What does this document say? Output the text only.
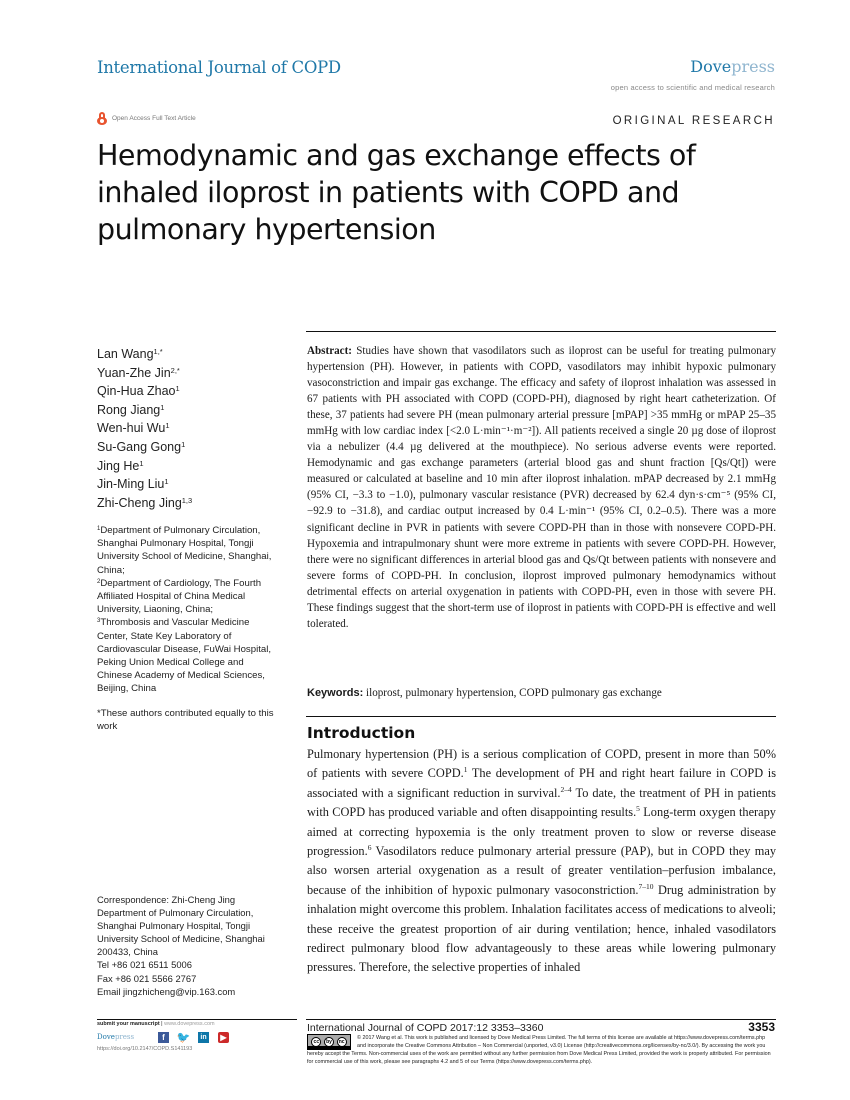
International Journal of COPD	Dovepress
open access to scientific and medical research
Open Access Full Text Article	ORIGINAL RESEARCH
Hemodynamic and gas exchange effects of inhaled iloprost in patients with COPD and pulmonary hypertension
Lan Wang$^{1,*}$
Yuan-Zhe Jin$^{2,*}$
Qin-Hua Zhao$^1$
Rong Jiang$^1$
Wen-hui Wu$^1$
Su-Gang Gong$^1$
Jing He$^1$
Jin-Ming Liu$^1$
Zhi-Cheng Jing$^{1,3}$
$^1$Department of Pulmonary Circulation, Shanghai Pulmonary Hospital, Tongji University School of Medicine, Shanghai, China;
$^2$Department of Cardiology, The Fourth Affiliated Hospital of China Medical University, Liaoning, China;
$^3$Thrombosis and Vascular Medicine Center, State Key Laboratory of Cardiovascular Disease, FuWai Hospital, Peking Union Medical College and Chinese Academy of Medical Sciences, Beijing, China
*These authors contributed equally to this work
Correspondence: Zhi-Cheng Jing
Department of Pulmonary Circulation,
Shanghai Pulmonary Hospital, Tongji
University School of Medicine, Shanghai
200433, China
Tel +86 021 6511 5006
Fax +86 021 5566 2767
Email jingzhicheng@vip.163.com
Abstract: Studies have shown that vasodilators such as iloprost can be useful for treating pulmonary hypertension (PH). However, in patients with COPD, vasodilators may inhibit hypoxic pulmonary vasoconstriction and impair gas exchange. The efficacy and safety of iloprost inhalation was assessed in 67 patients with PH associated with COPD (COPD-PH), diagnosed by right heart catheterization. Of these, 37 patients had severe PH (mean pulmonary arterial pressure [mPAP] >35 mmHg or mPAP 25–35 mmHg with low cardiac index [<2.0 L·min⁻¹·m⁻²]). All patients received a single 20 µg dose of iloprost via a nebulizer (4.4 µg delivered at the mouthpiece). No serious adverse events were reported. Hemodynamic and gas exchange parameters (arterial blood gas and shunt fraction [Qs/Qt]) were measured or calculated at baseline and 10 min after iloprost inhalation. mPAP decreased by 2.1 mmHg (95% CI, −3.3 to −1.0), pulmonary vascular resistance (PVR) decreased by 62.4 dyn·s·cm⁻⁵ (95% CI, −92.9 to −31.8), and cardiac output increased by 0.4 L·min⁻¹ (95% CI, 0.2–0.5). There was a more significant decline in PVR in patients with severe COPD-PH than in those with nonsevere COPD-PH. Hypoxemia and intrapulmonary shunt were more extreme in patients with severe COPD-PH. However, there were no significant differences in arterial blood gas and Qs/Qt between patients with nonsevere and severe forms of COPD-PH. In conclusion, iloprost improved pulmonary hemodynamics without detrimental effects on arterial oxygenation in patients with COPD-PH, even in those with severe PH. These findings suggest that the short-term use of iloprost in patients with COPD-PH is effective and well tolerated.
Keywords: iloprost, pulmonary hypertension, COPD pulmonary gas exchange
Introduction
Pulmonary hypertension (PH) is a serious complication of COPD, present in more than 50% of patients with severe COPD.$^1$ The development of PH and right heart failure in COPD is associated with a significant reduction in survival.$^{2-4}$ To date, the treatment of PH in patients with COPD has produced variable and often disappointing results.$^5$ Long-term oxygen therapy aimed at correcting hypoxemia is the only treatment proven to slow or reverse disease progression.$^6$ Vasodilators reduce pulmonary arterial pressure (PAP), but in COPD they may also worsen arterial oxygenation as a result of greater ventilation–perfusion imbalance, because of the inhibition of hypoxic pulmonary vasoconstriction.$^{7-10}$ Drug administration by inhalation might overcome this problem. Inhalation facilitates access of medications to alveoli; these receive the greatest proportion of air during ventilation; hence, inhaled vasodilators redirect pulmonary blood flow advantageously to these areas while lowering pulmonary pressures. Therefore, the selective properties of inhaled
submit your manuscript | www.dovepress.com
Dovepress	f	🐦	in	▶
https://doi.org/10.2147/COPD.S141193
International Journal of COPD 2017:12 3353–3360	3353
© 2017 Wang et al. This work is published and licensed by Dove Medical Press Limited. The full terms of this license are available at https://www.dovepress.com/terms.php
and incorporate the Creative Commons Attribution – Non Commercial (unported, v3.0) License (http://creativecommons.org/licenses/by-nc/3.0/). By accessing the work you
hereby accept the Terms. Non-commercial uses of the work are permitted without any further permission from Dove Medical Press Limited, provided the work is properly attributed. For permission
for commercial use of this work, please see paragraphs 4.2 and 5 of our Terms (https://www.dovepress.com/terms.php).
cc	by	nc
